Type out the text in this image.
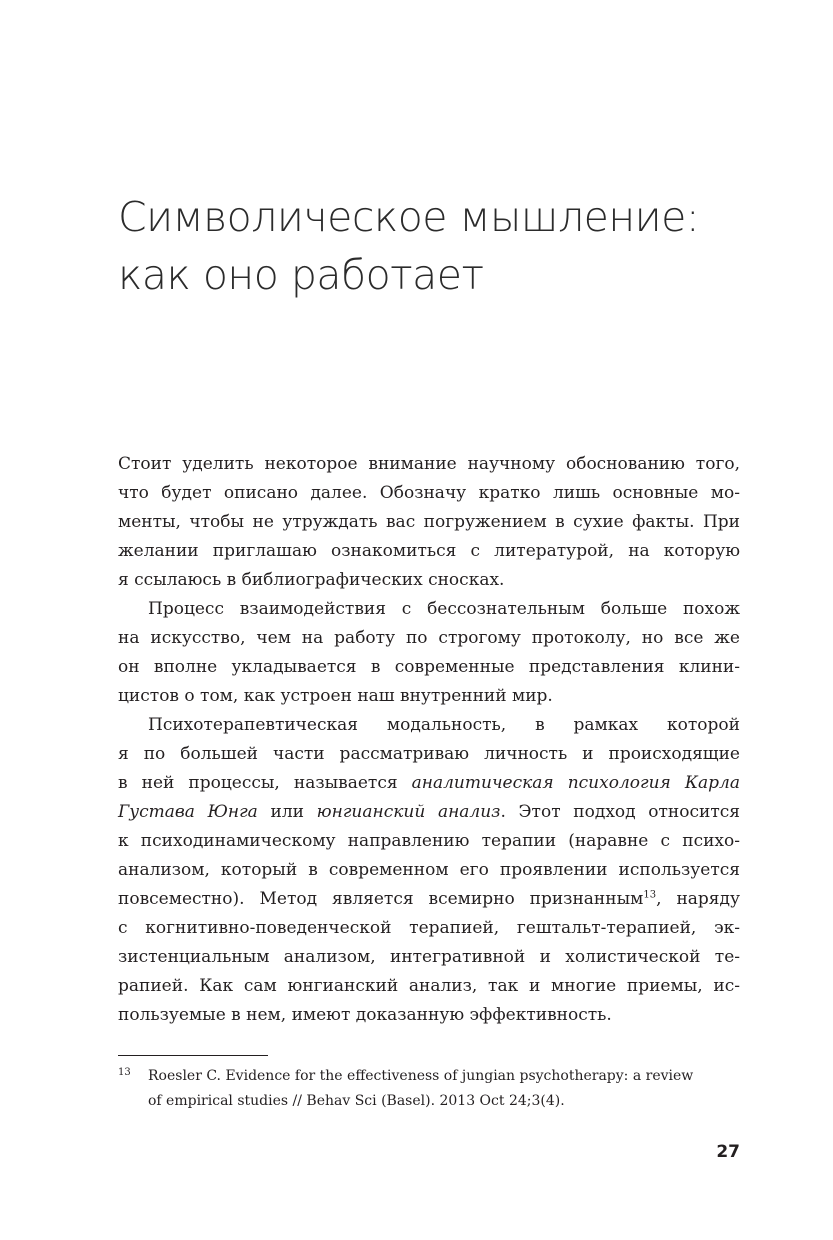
Символическое мышление:
как оно работает
Стоит уделить некоторое внимание научному обоснованию того,
что будет описано далее. Обозначу кратко лишь основные мо-
менты, чтобы не утруждать вас погружением в сухие факты. При
желании приглашаю ознакомиться с литературой, на которую
я ссылаюсь в библиографических сносках.
Процесс взаимодействия с бессознательным больше похож
на искусство, чем на работу по строгому протоколу, но все же
он вполне укладывается в современные представления клини-
цистов о том, как устроен наш внутренний мир.
Психотерапевтическая модальность, в рамках которой
я по большей части рассматриваю личность и происходящие
в ней процессы, называется аналитическая психология Карла
Густава Юнга или юнгианский анализ. Этот подход относится
к психодинамическому направлению терапии (наравне с психо-
анализом, который в современном его проявлении используется
повсеместно). Метод является всемирно признанным$^{13}$, наряду
с когнитивно-поведенческой терапией, гештальт-терапией, эк-
зистенциальным анализом, интегративной и холистической те-
рапией. Как сам юнгианский анализ, так и многие приемы, ис-
пользуемые в нем, имеют доказанную эффективность.
13	Roesler C. Evidence for the effectiveness of jungian psychotherapy: a review
of empirical studies // Behav Sci (Basel). 2013 Oct 24;3(4).
27
